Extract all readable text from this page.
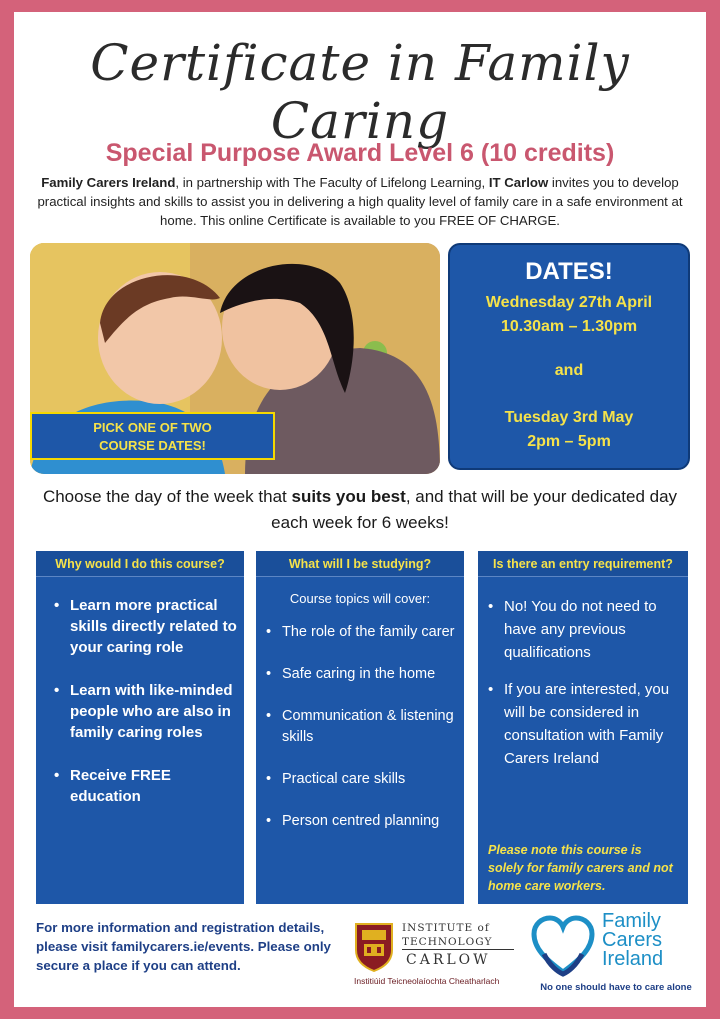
Certificate in Family Caring
Special Purpose Award Level 6 (10 credits)
Family Carers Ireland, in partnership with The Faculty of Lifelong Learning, IT Carlow invites you to develop practical insights and skills to assist you in delivering a high quality level of family care in a safe environment at home. This online Certificate is available to you FREE OF CHARGE.
PICK ONE OF TWO
COURSE DATES!
DATES!
Wednesday 27th April
10.30am – 1.30pm
and
Tuesday 3rd May
2pm – 5pm
Choose the day of the week that suits you best, and that will be your dedicated day each week for 6 weeks!
Why would I do this course?
• Learn more practical skills directly related to your caring role
• Learn with like-minded people who are also in family caring roles
• Receive FREE education
What will I be studying?
Course topics will cover:
• The role of the family carer
• Safe caring in the home
• Communication & listening skills
• Practical care skills
• Person centred planning
Is there an entry requirement?
• No! You do not need to have any previous qualifications
• If you are interested, you will be considered in consultation with Family Carers Ireland
Please note this course is solely for family carers and not home care workers.
For more information and registration details, please visit familycarers.ie/events. Please only secure a place if you can attend.
INSTITUTE of
TECHNOLOGY
CARLOW
Institiúid Teicneolaíochta Cheatharlach
Family
Carers
Ireland
No one should have to care alone
